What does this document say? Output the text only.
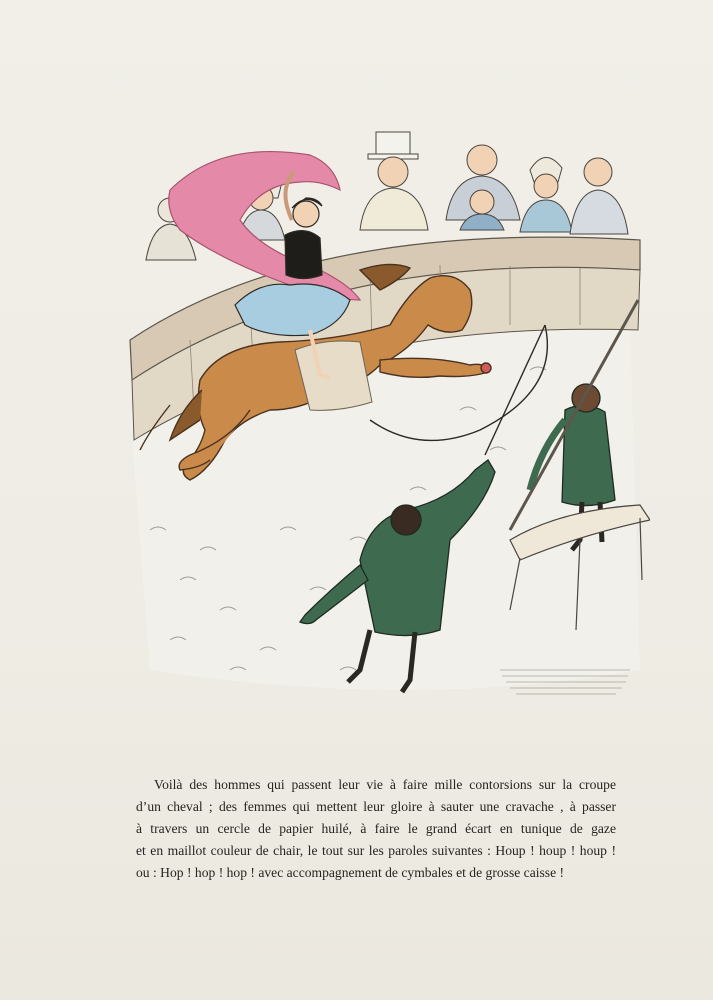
Voilà des hommes qui passent leur vie à faire mille contorsions sur la croupe
d’un cheval ; des femmes qui mettent leur gloire à sauter une cravache , à passer
à travers un cercle de papier huilé, à faire le grand écart en tunique de gaze
et en maillot couleur de chair, le tout sur les paroles suivantes : Houp ! houp ! houp !
ou : Hop ! hop ! hop ! avec accompagnement de cymbales et de grosse caisse !
